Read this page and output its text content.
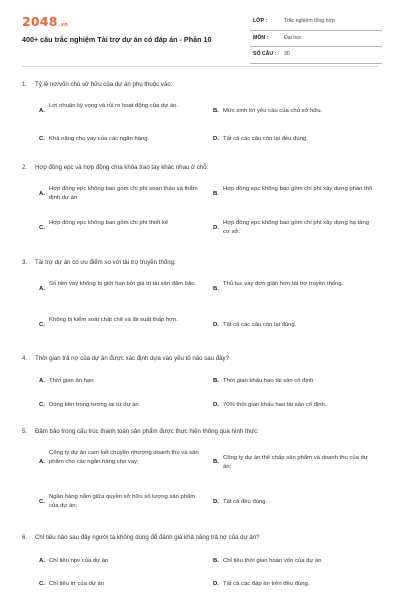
2048.vn
400+ câu trắc nghiệm Tài trợ dự án có đáp án - Phần 10
LỚP :	Trắc nghiệm tổng hợp
MÔN :	Đại học
SỐ CÂU : 30
1. Tỷ lệ nợ/vốn chủ sở hữu của dự án phụ thuộc vào:
A.
Lợi nhuận kỳ vọng và rủi ro hoạt động của dự án.
B. Mức sinh lời yêu cầu của chủ sở hữu.
C. Khả năng cho vay của các ngân hàng.	D. Tất cả các câu còn lại đều đúng.
2. Hợp đồng epc và hợp đồng chìa khóa trao tay khác nhau ở chỗ:
A.
Hợp đồng epc không bao gồm chi phí soạn thảo và thẩm định dự án
B.
Hợp đồng epc không bao gồm chi phí xây dựng phần thô
C.
Hợp đồng epc không bao gồm chi phí thiết kế
D.
Hợp đồng epc không bao gồm chi phí xây dựng hạ tầng cơ sở.
3. Tài trợ dự án có ưu điểm so với tài trợ truyền thống:
A.
Số tiền vay không bị giới hạn bởi giá trị tài sản đảm bảo.
B.
Thủ tục vay đơn giản hơn tài trợ truyền thống.
C.
Không bị kiểm soát chặt chẽ và lãi suất thấp hơn.
D. Tất cả các câu còn lại đúng.
4. Thời gian trả nợ của dự án được xác định dựa vào yếu tố nào sau đây?
A. Thời gian ân hạn	B. Thời gian khấu hao tài sản cố định
C. Dòng tiền trong tương lai từ dự án	D. 70% thời gian khấu hao tài sản cố định.
5. Đảm bảo trong cấu trúc thanh toán sản phẩm được thực hiện thông qua hình thức:
A.
Công ty dự án cam kết chuyển nhượng doanh thu và sản phẩm cho các ngân hàng cho vay;	B.
Công ty dự án thế chấp sản phẩm và doanh thu của dự án;
C.
Ngân hàng nắm giữa quyền sở hữu số lượng sản phẩm của dự án;
D. Tất cả đều đúng.
6. Chỉ tiêu nào sau đây người ta không dùng để đánh giá khả năng trả nợ của dự án?
A. Chỉ tiêu npv của dự án	B. Chỉ tiêu thời gian hoàn vốn của dự án
C. Chỉ tiêu irr của dự án	D. Tất cả các đáp án trên đều đúng.
